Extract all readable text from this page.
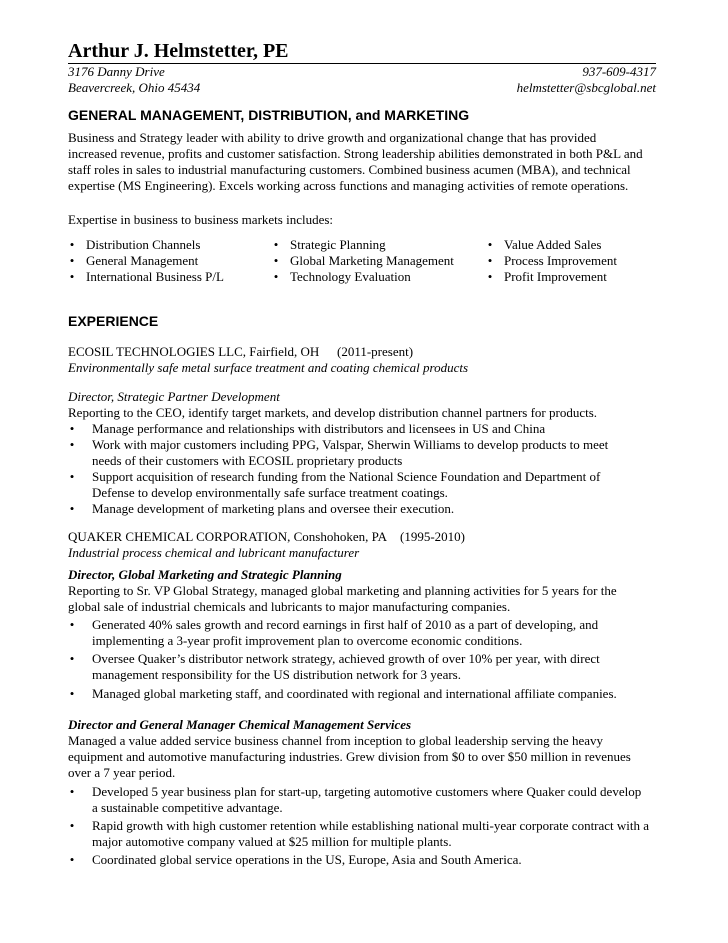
Arthur J. Helmstetter, PE
3176 Danny Drive
Beavercreek, Ohio 45434
937-609-4317
helmstetter@sbcglobal.net
GENERAL MANAGEMENT, DISTRIBUTION, and MARKETING
Business and Strategy leader with ability to drive growth and organizational change that has provided
increased revenue, profits and customer satisfaction. Strong leadership abilities demonstrated in both P&L and
staff roles in sales to industrial manufacturing customers. Combined business acumen (MBA), and technical
expertise (MS Engineering). Excels working across functions and managing activities of remote operations.
Expertise in business to business markets includes:
• Distribution Channels
• General Management
• International Business P/L
• Strategic Planning
• Global Marketing Management
• Technology Evaluation
• Value Added Sales
• Process Improvement
• Profit Improvement
EXPERIENCE
ECOSIL TECHNOLOGIES LLC, Fairfield, OH (2011-present)
Environmentally safe metal surface treatment and coating chemical products
Director, Strategic Partner Development
Reporting to the CEO, identify target markets, and develop distribution channel partners for products.
• Manage performance and relationships with distributors and licensees in US and China
• Work with major customers including PPG, Valspar, Sherwin Williams to develop products to meet
needs of their customers with ECOSIL proprietary products
• Support acquisition of research funding from the National Science Foundation and Department of
Defense to develop environmentally safe surface treatment coatings.
• Manage development of marketing plans and oversee their execution.
QUAKER CHEMICAL CORPORATION, Conshohoken, PA (1995-2010)
Industrial process chemical and lubricant manufacturer
Director, Global Marketing and Strategic Planning
Reporting to Sr. VP Global Strategy, managed global marketing and planning activities for 5 years for the
global sale of industrial chemicals and lubricants to major manufacturing companies.
• Generated 40% sales growth and record earnings in first half of 2010 as a part of developing, and
implementing a 3-year profit improvement plan to overcome economic conditions.
• Oversee Quaker’s distributor network strategy, achieved growth of over 10% per year, with direct
management responsibility for the US distribution network for 3 years.
• Managed global marketing staff, and coordinated with regional and international affiliate companies.
Director and General Manager Chemical Management Services
Managed a value added service business channel from inception to global leadership serving the heavy
equipment and automotive manufacturing industries. Grew division from $0 to over $50 million in revenues
over a 7 year period.
• Developed 5 year business plan for start-up, targeting automotive customers where Quaker could develop
a sustainable competitive advantage.
• Rapid growth with high customer retention while establishing national multi-year corporate contract with a
major automotive company valued at $25 million for multiple plants.
• Coordinated global service operations in the US, Europe, Asia and South America.
